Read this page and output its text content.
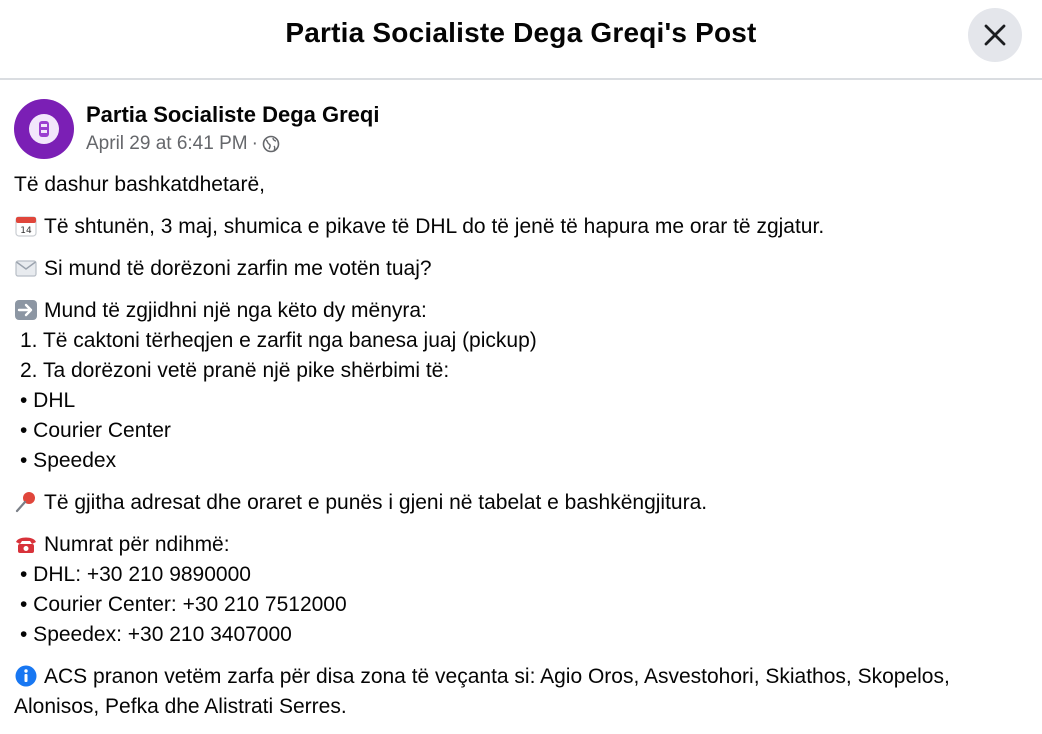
Partia Socialiste Dega Greqi's Post
Partia Socialiste Dega Greqi
April 29 at 6:41 PM ·
Të dashur bashkatdhetarë,
14 Të shtunën, 3 maj, shumica e pikave të DHL do të jenë të hapura me orar të zgjatur.
Si mund të dorëzoni zarfin me votën tuaj?
Mund të zgjidhni një nga këto dy mënyra:
1. Të caktoni tërheqjen e zarfit nga banesa juaj (pickup)
2. Ta dorëzoni vetë pranë një pike shërbimi të:
• DHL
• Courier Center
• Speedex
Të gjitha adresat dhe oraret e punës i gjeni në tabelat e bashkëngjitura.
Numrat për ndihmë:
• DHL: +30 210 9890000
• Courier Center: +30 210 7512000
• Speedex: +30 210 3407000
ACS pranon vetëm zarfa për disa zona të veçanta si: Agio Oros, Asvestohori, Skiathos, Skopelos, Alonisos, Pefka dhe Alistrati Serres.
